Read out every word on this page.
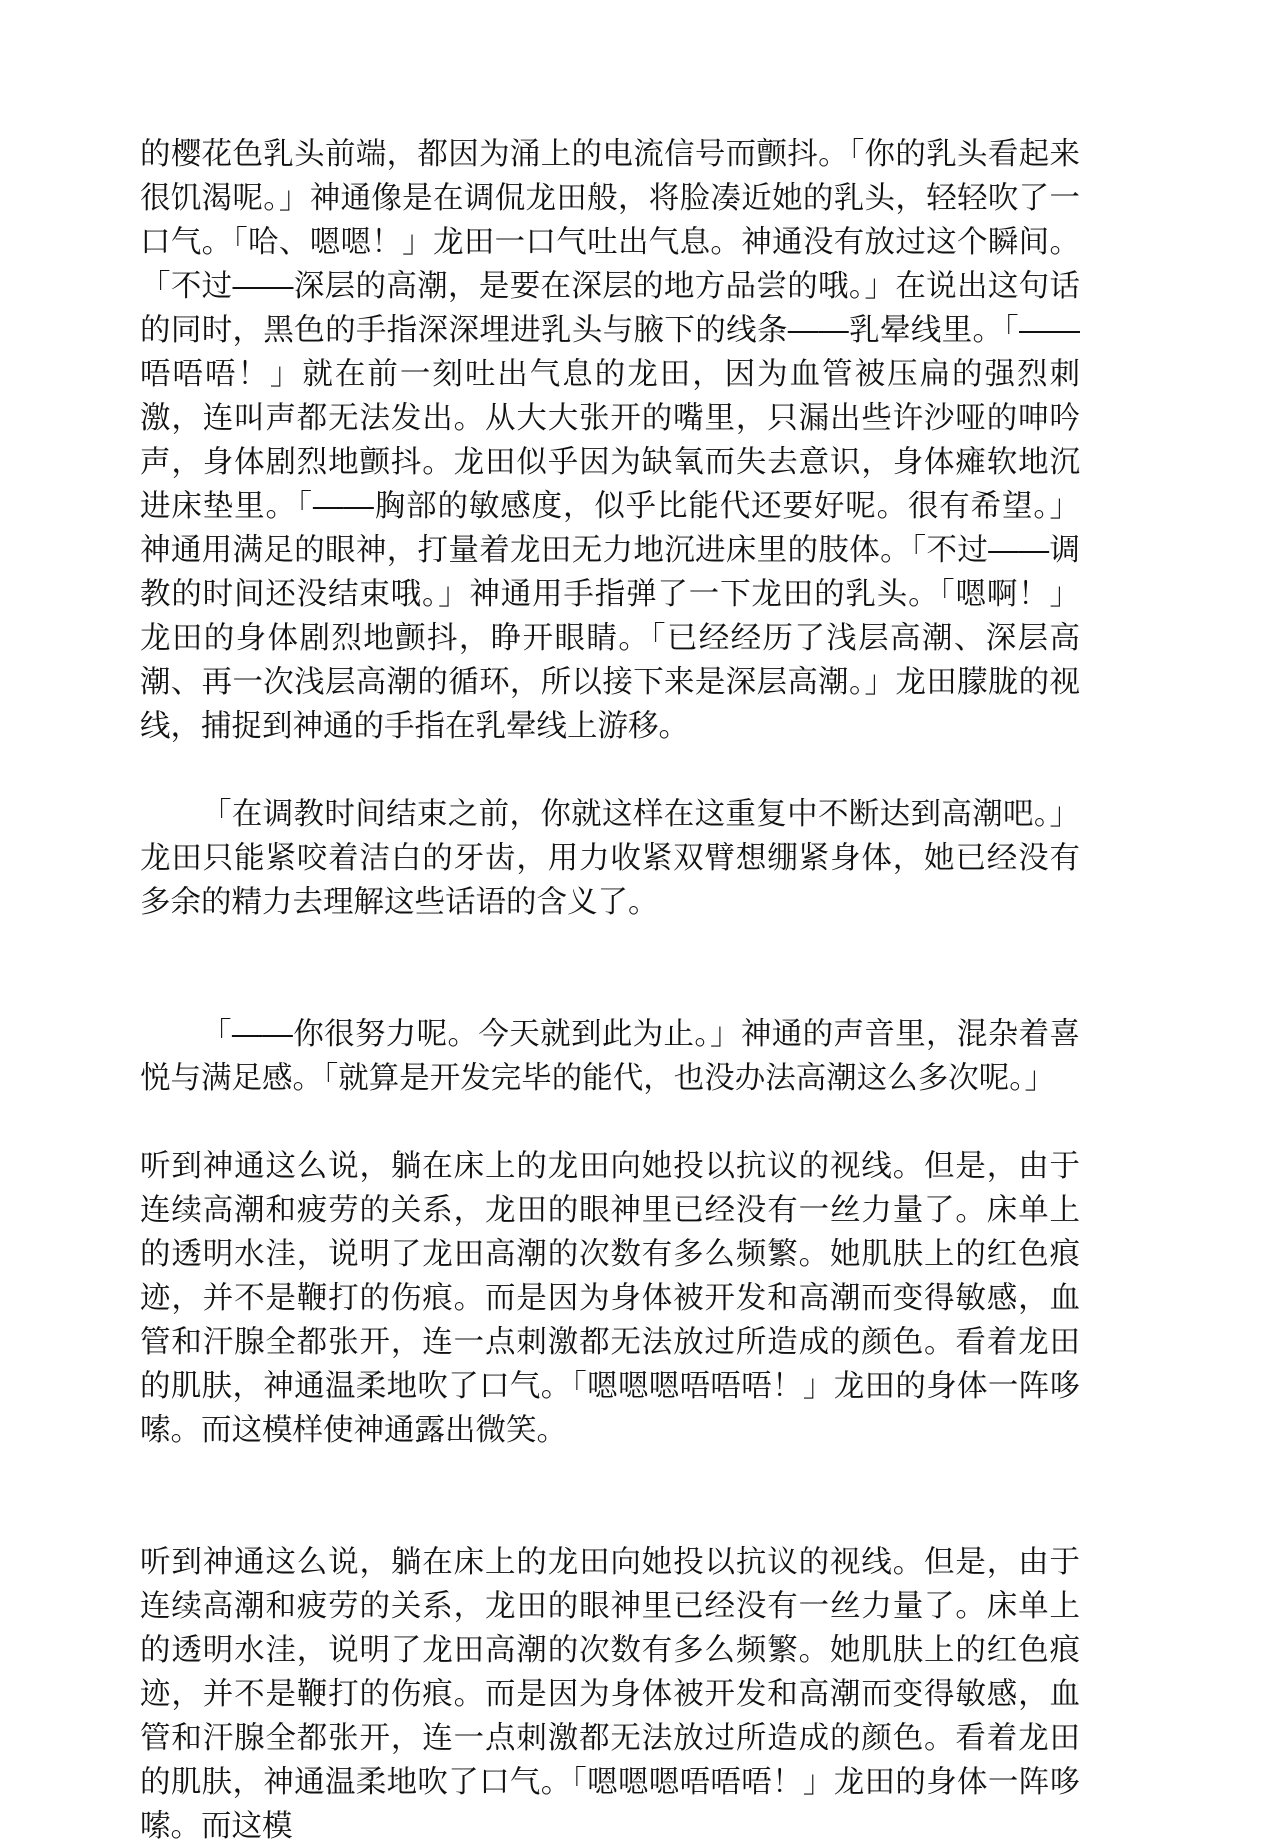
的樱花色乳头前端，都因为涌上的电流信号而颤抖。「你的乳头看起来很饥渴呢。」神通像是在调侃龙田般，将脸凑近她的乳头，轻轻吹了一口气。「哈、嗯嗯！」龙田一口气吐出气息。神通没有放过这个瞬间。「不过——深层的高潮，是要在深层的地方品尝的哦。」在说出这句话的同时，黑色的手指深深埋进乳头与腋下的线条——乳晕线里。「——唔唔唔！」就在前一刻吐出气息的龙田，因为血管被压扁的强烈刺激，连叫声都无法发出。从大大张开的嘴里，只漏出些许沙哑的呻吟声，身体剧烈地颤抖。龙田似乎因为缺氧而失去意识，身体瘫软地沉进床垫里。「——胸部的敏感度，似乎比能代还要好呢。很有希望。」神通用满足的眼神，打量着龙田无力地沉进床里的肢体。「不过——调教的时间还没结束哦。」神通用手指弹了一下龙田的乳头。「嗯啊！」龙田的身体剧烈地颤抖，睁开眼睛。「已经经历了浅层高潮、深层高潮、再一次浅层高潮的循环，所以接下来是深层高潮。」龙田朦胧的视线，捕捉到神通的手指在乳晕线上游移。

「在调教时间结束之前，你就这样在这重复中不断达到高潮吧。」龙田只能紧咬着洁白的牙齿，用力收紧双臂想绷紧身体，她已经没有多余的精力去理解这些话语的含义了。

「——你很努力呢。今天就到此为止。」神通的声音里，混杂着喜悦与满足感。「就算是开发完毕的能代，也没办法高潮这么多次呢。」

听到神通这么说，躺在床上的龙田向她投以抗议的视线。但是，由于连续高潮和疲劳的关系，龙田的眼神里已经没有一丝力量了。床单上的透明水洼，说明了龙田高潮的次数有多么频繁。她肌肤上的红色痕迹，并不是鞭打的伤痕。而是因为身体被开发和高潮而变得敏感，血管和汗腺全都张开，连一点刺激都无法放过所造成的颜色。看着龙田的肌肤，神通温柔地吹了口气。「嗯嗯嗯唔唔唔！」龙田的身体一阵哆嗦。而这模样使神通露出微笑。

听到神通这么说，躺在床上的龙田向她投以抗议的视线。但是，由于连续高潮和疲劳的关系，龙田的眼神里已经没有一丝力量了。床单上的透明水洼，说明了龙田高潮的次数有多么频繁。她肌肤上的红色痕迹，并不是鞭打的伤痕。而是因为身体被开发和高潮而变得敏感，血管和汗腺全都张开，连一点刺激都无法放过所造成的颜色。看着龙田的肌肤，神通温柔地吹了口气。「嗯嗯嗯唔唔唔！」龙田的身体一阵哆嗦。而这模
